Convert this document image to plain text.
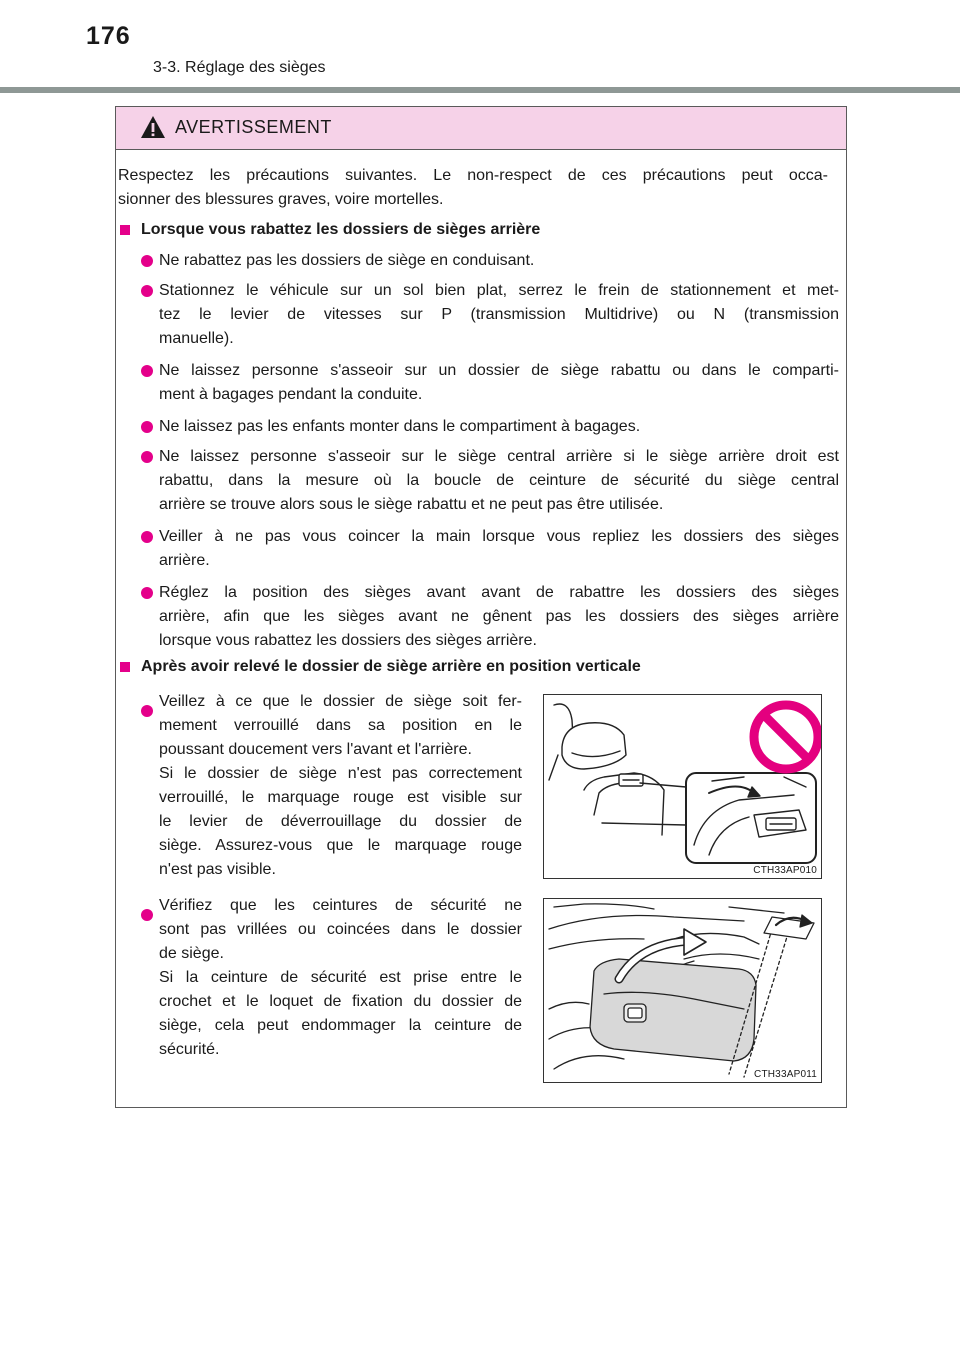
176
3-3. Réglage des sièges
AVERTISSEMENT
Respectez les précautions suivantes. Le non-respect de ces précautions peut occa-
sionner des blessures graves, voire mortelles.
Lorsque vous rabattez les dossiers de sièges arrière
Ne rabattez pas les dossiers de siège en conduisant.
Stationnez le véhicule sur un sol bien plat, serrez le frein de stationnement et met-
tez le levier de vitesses sur P (transmission Multidrive) ou N (transmission
manuelle).
Ne laissez personne s'asseoir sur un dossier de siège rabattu ou dans le comparti-
ment à bagages pendant la conduite.
Ne laissez pas les enfants monter dans le compartiment à bagages.
Ne laissez personne s'asseoir sur le siège central arrière si le siège arrière droit est
rabattu, dans la mesure où la boucle de ceinture de sécurité du siège central
arrière se trouve alors sous le siège rabattu et ne peut pas être utilisée.
Veiller à ne pas vous coincer la main lorsque vous repliez les dossiers des sièges
arrière.
Réglez la position des sièges avant avant de rabattre les dossiers des sièges
arrière, afin que les sièges avant ne gênent pas les dossiers des sièges arrière
lorsque vous rabattez les dossiers des sièges arrière.
Après avoir relevé le dossier de siège arrière en position verticale
Veillez à ce que le dossier de siège soit fer-
mement verrouillé dans sa position en le
poussant doucement vers l'avant et l'arrière.
Si le dossier de siège n'est pas correctement
verrouillé, le marquage rouge est visible sur
le levier de déverrouillage du dossier de
siège. Assurez-vous que le marquage rouge
n'est pas visible.	CTH33AP010
Vérifiez que les ceintures de sécurité ne
sont pas vrillées ou coincées dans le dossier
de siège.
Si la ceinture de sécurité est prise entre le
crochet et le loquet de fixation du dossier de
siège, cela peut endommager la ceinture de
sécurité.
CTH33AP011
